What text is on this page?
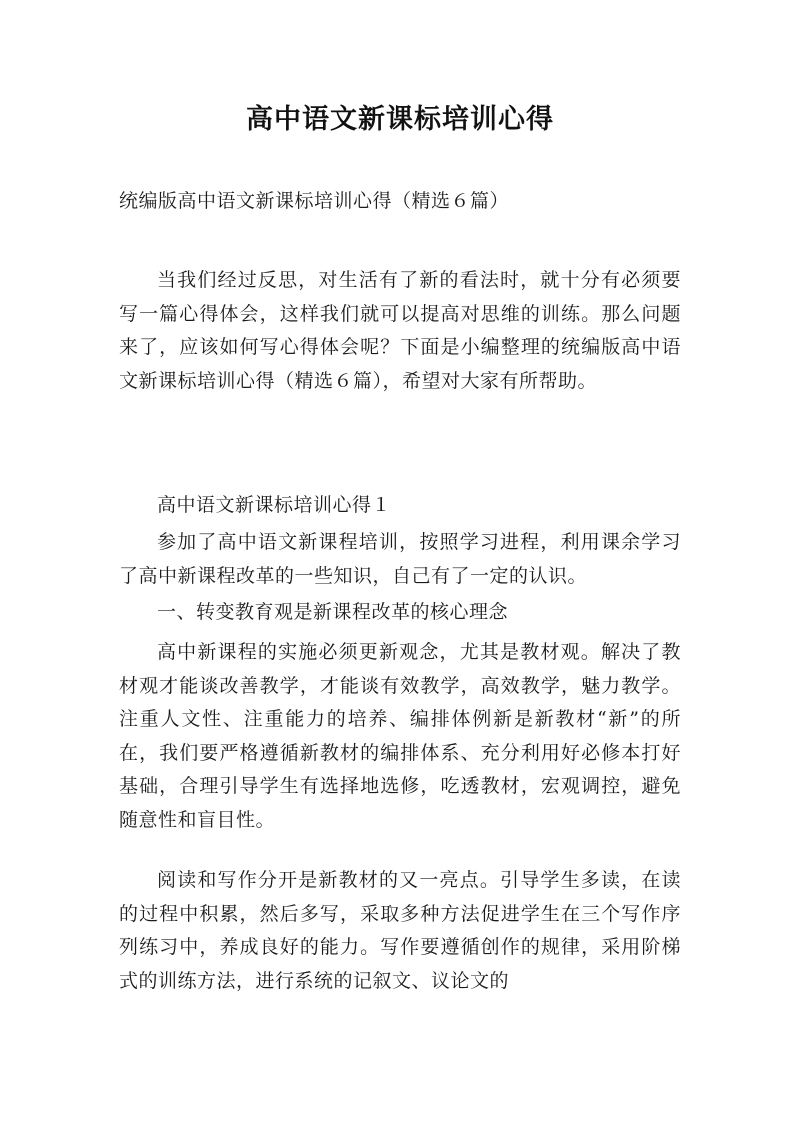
高中语文新课标培训心得
统编版高中语文新课标培训心得（精选６篇）

当我们经过反思，对生活有了新的看法时，就十分有必须要写一篇心得体会，这样我们就可以提高对思维的训练。那么问题来了，应该如何写心得体会呢？下面是小编整理的统编版高中语文新课标培训心得（精选６篇），希望对大家有所帮助。

高中语文新课标培训心得１

参加了高中语文新课程培训，按照学习进程，利用课余学习了高中新课程改革的一些知识，自己有了一定的认识。

一、转变教育观是新课程改革的核心理念

高中新课程的实施必须更新观念，尤其是教材观。解决了教材观才能谈改善教学，才能谈有效教学，高效教学，魅力教学。注重人文性、注重能力的培养、编排体例新是新教材“新”的所在，我们要严格遵循新教材的编排体系、充分利用好必修本打好基础，合理引导学生有选择地选修，吃透教材，宏观调控，避免随意性和盲目性。

阅读和写作分开是新教材的又一亮点。引导学生多读，在读的过程中积累，然后多写，采取多种方法促进学生在三个写作序列练习中，养成良好的能力。写作要遵循创作的规律，采用阶梯式的训练方法，进行系统的记叙文、议论文的
